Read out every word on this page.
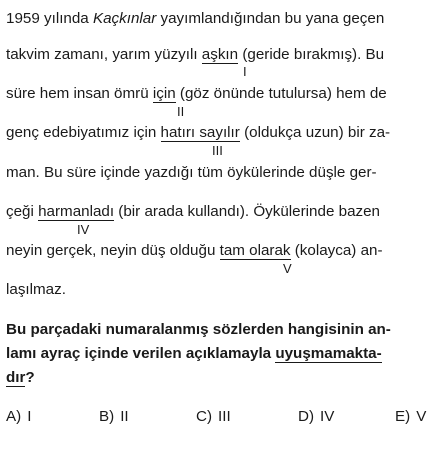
1959 yılında Kaçkınlar yayımlandığından bu yana geçen
takvim zamanı, yarım yüzyılı aşkın (geride bırakmış). Bu
I
süre hem insan ömrü için (göz önünde tutulursa) hem de
II
genç edebiyatımız için hatırı sayılır (oldukça uzun) bir za-
III
man. Bu süre içinde yazdığı tüm öykülerinde düşle ger-
çeği harmanladı (bir arada kullandı). Öykülerinde bazen
IV
neyin gerçek, neyin düş olduğu tam olarak (kolayca) an-
V
laşılmaz.
Bu parçadaki numaralanmış sözlerden hangisinin an-
lamı ayraç içinde verilen açıklamayla uyuşmamakta-
dır?
A) I	B) II	C) III	D) IV	E) V
